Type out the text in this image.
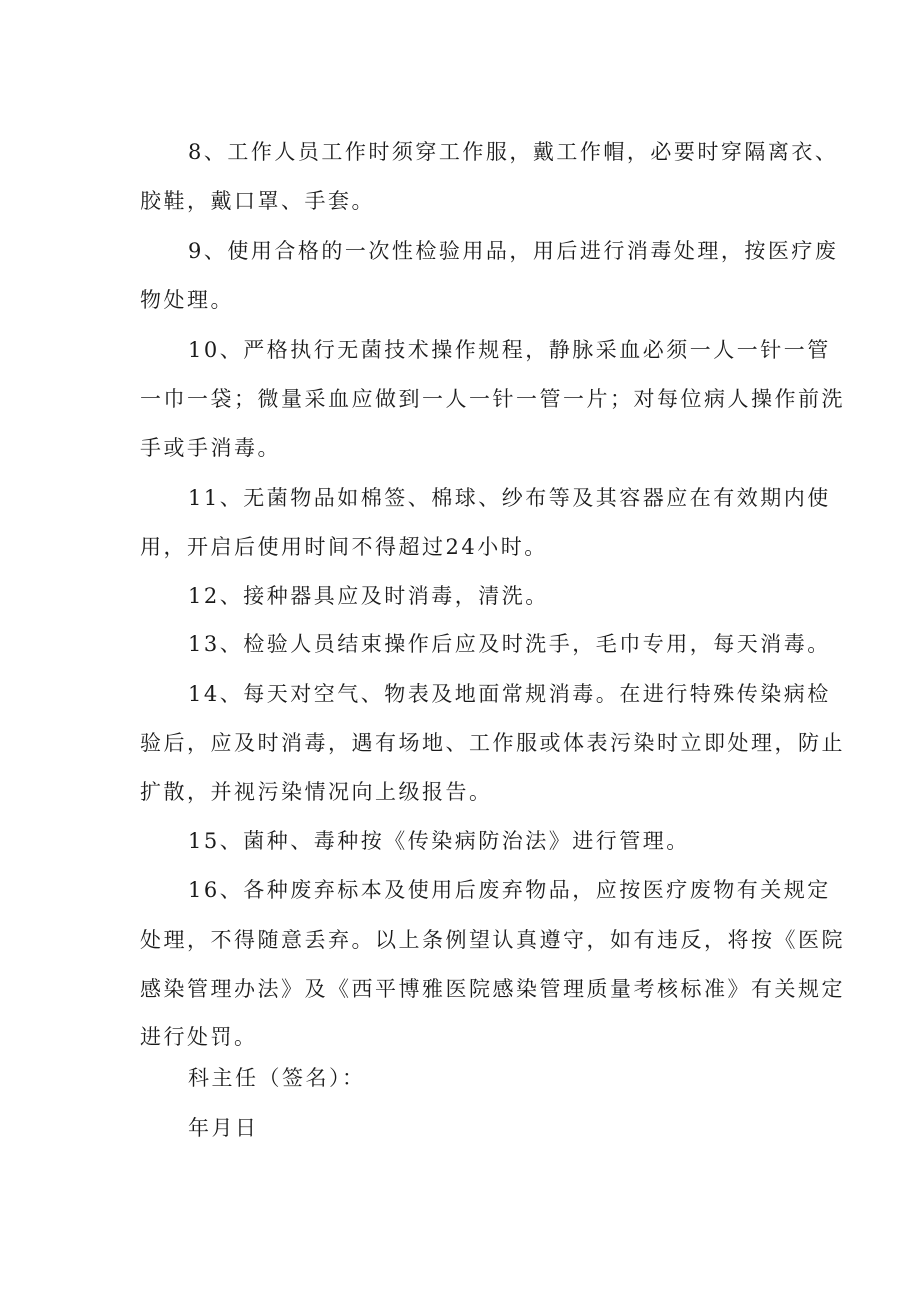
8、工作人员工作时须穿工作服，戴工作帽，必要时穿隔离衣、
胶鞋，戴口罩、手套。
9、使用合格的一次性检验用品，用后进行消毒处理，按医疗废
物处理。
10、严格执行无菌技术操作规程，静脉采血必须一人一针一管
一巾一袋；微量采血应做到一人一针一管一片；对每位病人操作前洗
手或手消毒。
11、无菌物品如棉签、棉球、纱布等及其容器应在有效期内使
用，开启后使用时间不得超过24小时。
12、接种器具应及时消毒，清洗。
13、检验人员结束操作后应及时洗手，毛巾专用，每天消毒。
14、每天对空气、物表及地面常规消毒。在进行特殊传染病检
验后，应及时消毒，遇有场地、工作服或体表污染时立即处理，防止
扩散，并视污染情况向上级报告。
15、菌种、毒种按《传染病防治法》进行管理。
16、各种废弃标本及使用后废弃物品，应按医疗废物有关规定
处理，不得随意丢弃。以上条例望认真遵守，如有违反，将按《医院
感染管理办法》及《西平博雅医院感染管理质量考核标准》有关规定
进行处罚。
科主任（签名）：
年月日
